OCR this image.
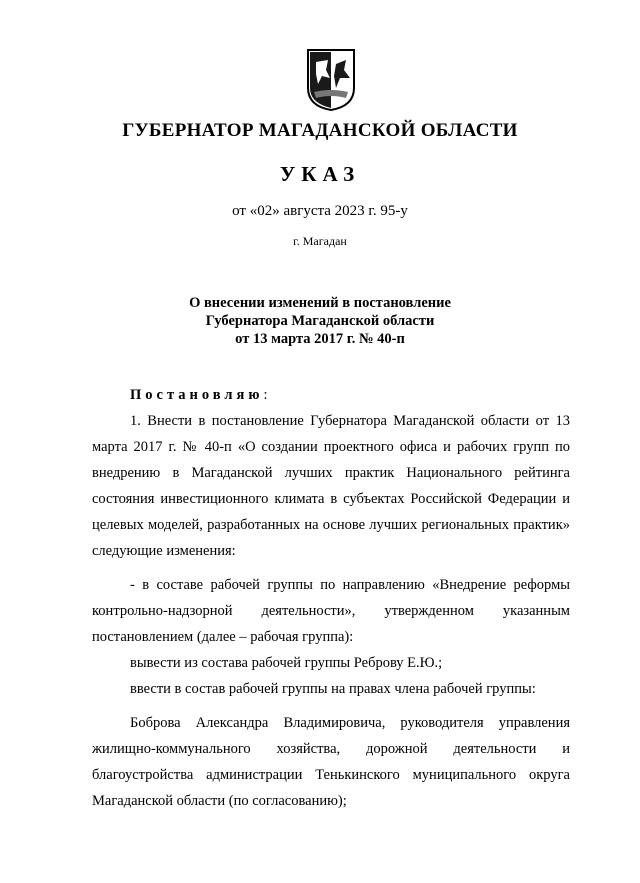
ГУБЕРНАТОР МАГАДАНСКОЙ ОБЛАСТИ
УКАЗ
от «02» августа 2023 г. 95-у
г. Магадан
О внесении изменений в постановление
Губернатора Магаданской области
от 13 марта 2017 г. № 40-п
Постановляю:
1. Внести в постановление Губернатора Магаданской области от 13 марта 2017 г. № 40-п «О создании проектного офиса и рабочих групп по внедрению в Магаданской лучших практик Национального рейтинга состояния инвестиционного климата в субъектах Российской Федерации и целевых моделей, разработанных на основе лучших региональных практик» следующие изменения:
- в составе рабочей группы по направлению «Внедрение реформы контрольно-надзорной деятельности», утвержденном указанным постановлением (далее – рабочая группа):
вывести из состава рабочей группы Реброву Е.Ю.;
ввести в состав рабочей группы на правах члена рабочей группы:
Боброва Александра Владимировича, руководителя управления жилищно-коммунального хозяйства, дорожной деятельности и благоустройства администрации Тенькинского муниципального округа Магаданской области (по согласованию);
